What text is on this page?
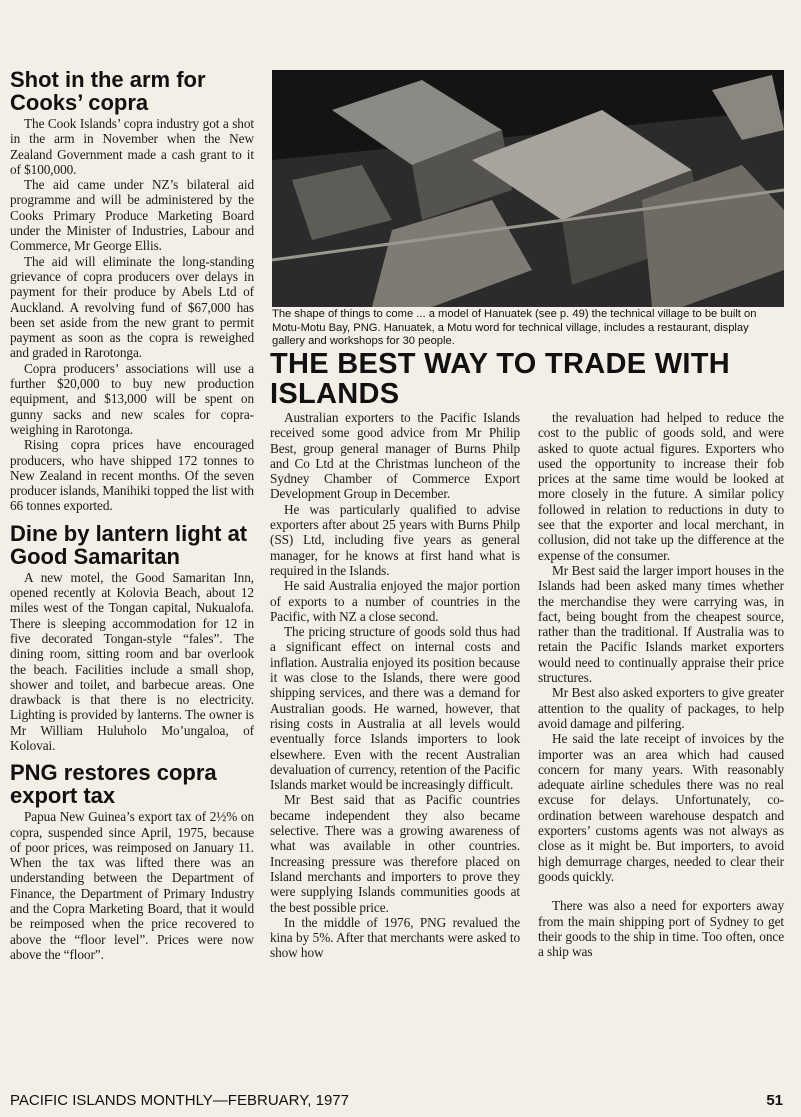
Shot in the arm for Cooks’ copra

The Cook Islands’ copra industry got a shot in the arm in November when the New Zealand Government made a cash grant to it of $100,000.

The aid came under NZ’s bilateral aid programme and will be administered by the Cooks Primary Produce Marketing Board under the Minister of Industries, Labour and Commerce, Mr George Ellis.

The aid will eliminate the long-standing grievance of copra producers over delays in payment for their produce by Abels Ltd of Auckland. A revolving fund of $67,000 has been set aside from the new grant to permit payment as soon as the copra is reweighed and graded in Rarotonga.

Copra producers’ associations will use a further $20,000 to buy new production equipment, and $13,000 will be spent on gunny sacks and new scales for copra-weighing in Rarotonga.

Rising copra prices have encouraged producers, who have shipped 172 tonnes to New Zealand in recent months. Of the seven producer islands, Manihiki topped the list with 66 tonnes exported.

Dine by lantern light at Good Samaritan

A new motel, the Good Samaritan Inn, opened recently at Kolovia Beach, about 12 miles west of the Tongan capital, Nukualofa. There is sleeping accommodation for 12 in five decorated Tongan-style “fales”. The dining room, sitting room and bar overlook the beach. Facilities include a small shop, shower and toilet, and barbecue areas. One drawback is that there is no electricity. Lighting is provided by lanterns. The owner is Mr William Huluholo Mo’ungaloa, of Kolovai.

PNG restores copra export tax

Papua New Guinea’s export tax of 2½% on copra, suspended since April, 1975, because of poor prices, was reimposed on January 11. When the tax was lifted there was an understanding between the Department of Finance, the Department of Primary Industry and the Copra Marketing Board, that it would be reimposed when the price recovered to above the “floor level”. Prices were now above the “floor”.

The shape of things to come ... a model of Hanuatek (see p. 49) the technical village to be built on Motu-Motu Bay, PNG. Hanuatek, a Motu word for technical village, includes a restaurant, display gallery and workshops for 30 people.
THE BEST WAY TO TRADE WITH ISLANDS

Australian exporters to the Pacific Islands received some good advice from Mr Philip Best, group general manager of Burns Philp and Co Ltd at the Christmas luncheon of the Sydney Chamber of Commerce Export Development Group in December.

He was particularly qualified to advise exporters after about 25 years with Burns Philp (SS) Ltd, including five years as general manager, for he knows at first hand what is required in the Islands.

He said Australia enjoyed the major portion of exports to a number of countries in the Pacific, with NZ a close second.

The pricing structure of goods sold thus had a significant effect on internal costs and inflation. Australia enjoyed its position because it was close to the Islands, there were good shipping services, and there was a demand for Australian goods. He warned, however, that rising costs in Australia at all levels would eventually force Islands importers to look elsewhere. Even with the recent Australian devaluation of currency, retention of the Pacific Islands market would be increasingly difficult.

Mr Best said that as Pacific countries became independent they also became selective. There was a growing awareness of what was available in other countries. Increasing pressure was therefore placed on Island merchants and importers to prove they were supplying Islands communities goods at the best possible price.

In the middle of 1976, PNG revalued the kina by 5%. After that merchants were asked to show how

the revaluation had helped to reduce the cost to the public of goods sold, and were asked to quote actual figures. Exporters who used the opportunity to increase their fob prices at the same time would be looked at more closely in the future. A similar policy followed in relation to reductions in duty to see that the exporter and local merchant, in collusion, did not take up the difference at the expense of the consumer.

Mr Best said the larger import houses in the Islands had been asked many times whether the merchandise they were carrying was, in fact, being bought from the cheapest source, rather than the traditional. If Australia was to retain the Pacific Islands market exporters would need to continually appraise their price structures.

Mr Best also asked exporters to give greater attention to the quality of packages, to help avoid damage and pilfering.

He said the late receipt of invoices by the importer was an area which had caused concern for many years. With reasonably adequate airline schedules there was no real excuse for delays. Unfortunately, co-ordination between warehouse despatch and exporters’ customs agents was not always as close as it might be. But importers, to avoid high demurrage charges, needed to clear their goods quickly.

There was also a need for exporters away from the main shipping port of Sydney to get their goods to the ship in time. Too often, once a ship was

PACIFIC ISLANDS MONTHLY—FEBRUARY, 1977	51
